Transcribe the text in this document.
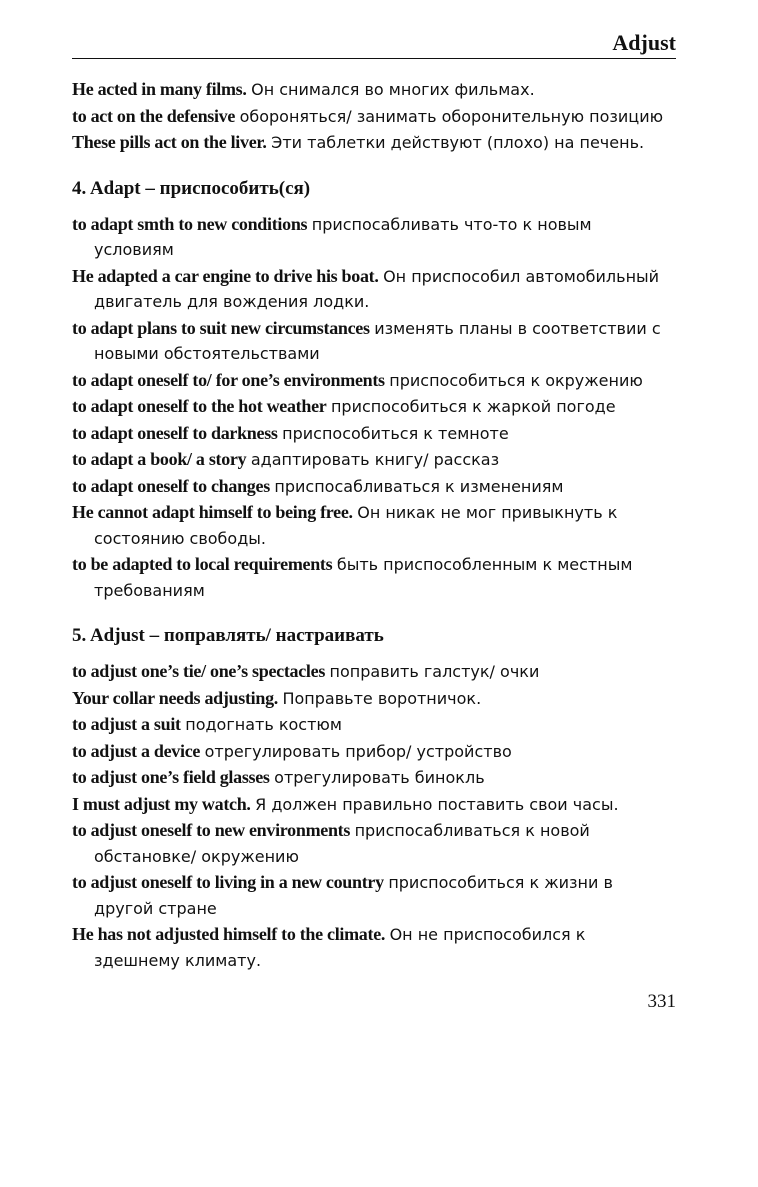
Adjust

He acted in many films. Он снимался во многих фильмах.

to act on the defensive обороняться/ занимать оборонительную позицию

These pills act on the liver. Эти таблетки действуют (плохо) на печень.

4. Adapt – приспособить(ся)

to adapt smth to new conditions приспосабливать что-то к новым условиям

He adapted a car engine to drive his boat. Он приспособил автомобильный двигатель для вождения лодки.

to adapt plans to suit new circumstances изменять планы в соответствии с новыми обстоятельствами

to adapt oneself to/ for one’s environments приспособиться к окружению

to adapt oneself to the hot weather приспособиться к жаркой погоде

to adapt oneself to darkness приспособиться к темноте

to adapt a book/ a story адаптировать книгу/ рассказ

to adapt oneself to changes приспосабливаться к изменениям

He cannot adapt himself to being free. Он никак не мог привыкнуть к состоянию свободы.

to be adapted to local requirements быть приспособленным к местным требованиям

5. Adjust – поправлять/ настраивать

to adjust one’s tie/ one’s spectacles поправить галстук/ очки

Your collar needs adjusting. Поправьте воротничок.

to adjust a suit подогнать костюм

to adjust a device отрегулировать прибор/ устройство

to adjust one’s field glasses отрегулировать бинокль

I must adjust my watch. Я должен правильно поставить свои часы.

to adjust oneself to new environments приспосабливаться к новой обстановке/ окружению

to adjust oneself to living in a new country приспособиться к жизни в другой стране

He has not adjusted himself to the climate. Он не приспособился к здешнему климату.

331
